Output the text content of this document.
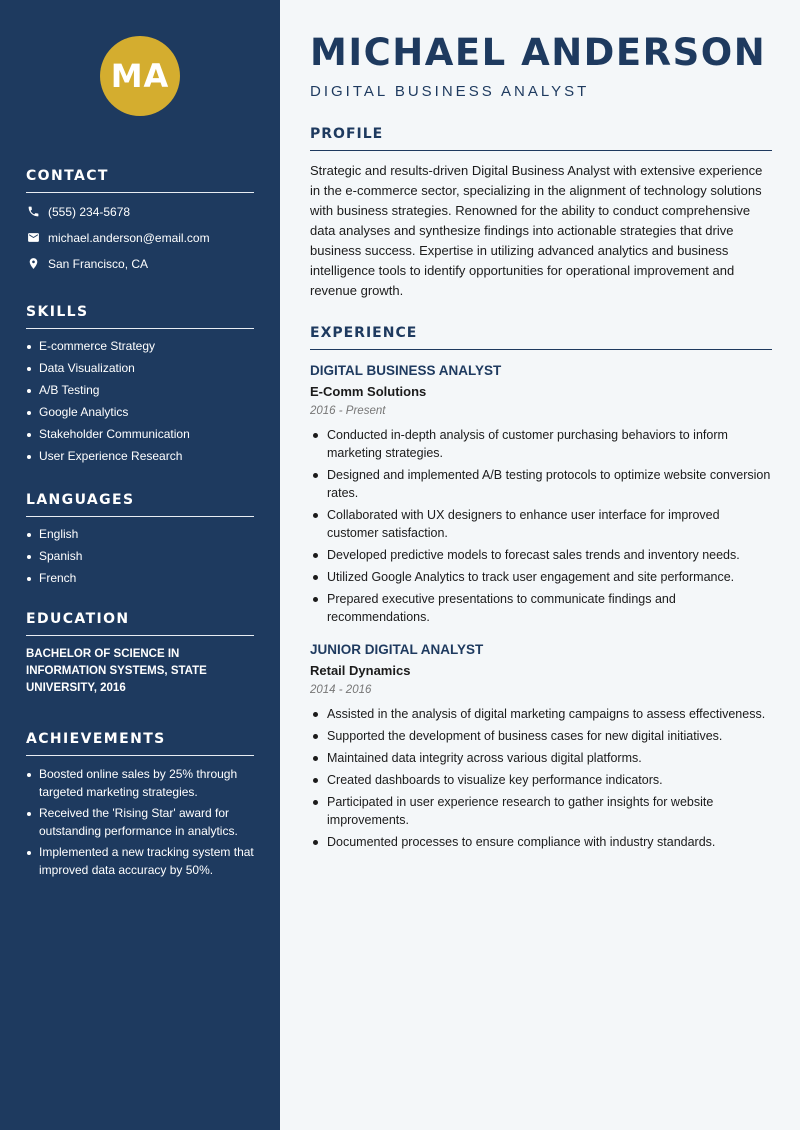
MA
CONTACT
(555) 234-5678
michael.anderson@email.com
San Francisco, CA
SKILLS
E-commerce Strategy
Data Visualization
A/B Testing
Google Analytics
Stakeholder Communication
User Experience Research
LANGUAGES
English
Spanish
French
EDUCATION
BACHELOR OF SCIENCE IN INFORMATION SYSTEMS, STATE UNIVERSITY, 2016
ACHIEVEMENTS
Boosted online sales by 25% through targeted marketing strategies.
Received the 'Rising Star' award for outstanding performance in analytics.
Implemented a new tracking system that improved data accuracy by 50%.
MICHAEL ANDERSON
DIGITAL BUSINESS ANALYST
PROFILE

Strategic and results-driven Digital Business Analyst with extensive experience in the e-commerce sector, specializing in the alignment of technology solutions with business strategies. Renowned for the ability to conduct comprehensive data analyses and synthesize findings into actionable strategies that drive business success. Expertise in utilizing advanced analytics and business intelligence tools to identify opportunities for operational improvement and revenue growth.

EXPERIENCE
DIGITAL BUSINESS ANALYST
E-Comm Solutions
2016 - Present
Conducted in-depth analysis of customer purchasing behaviors to inform marketing strategies.
Designed and implemented A/B testing protocols to optimize website conversion rates.
Collaborated with UX designers to enhance user interface for improved customer satisfaction.
Developed predictive models to forecast sales trends and inventory needs.
Utilized Google Analytics to track user engagement and site performance.
Prepared executive presentations to communicate findings and recommendations.
JUNIOR DIGITAL ANALYST
Retail Dynamics
2014 - 2016
Assisted in the analysis of digital marketing campaigns to assess effectiveness.
Supported the development of business cases for new digital initiatives.
Maintained data integrity across various digital platforms.
Created dashboards to visualize key performance indicators.
Participated in user experience research to gather insights for website improvements.
Documented processes to ensure compliance with industry standards.
